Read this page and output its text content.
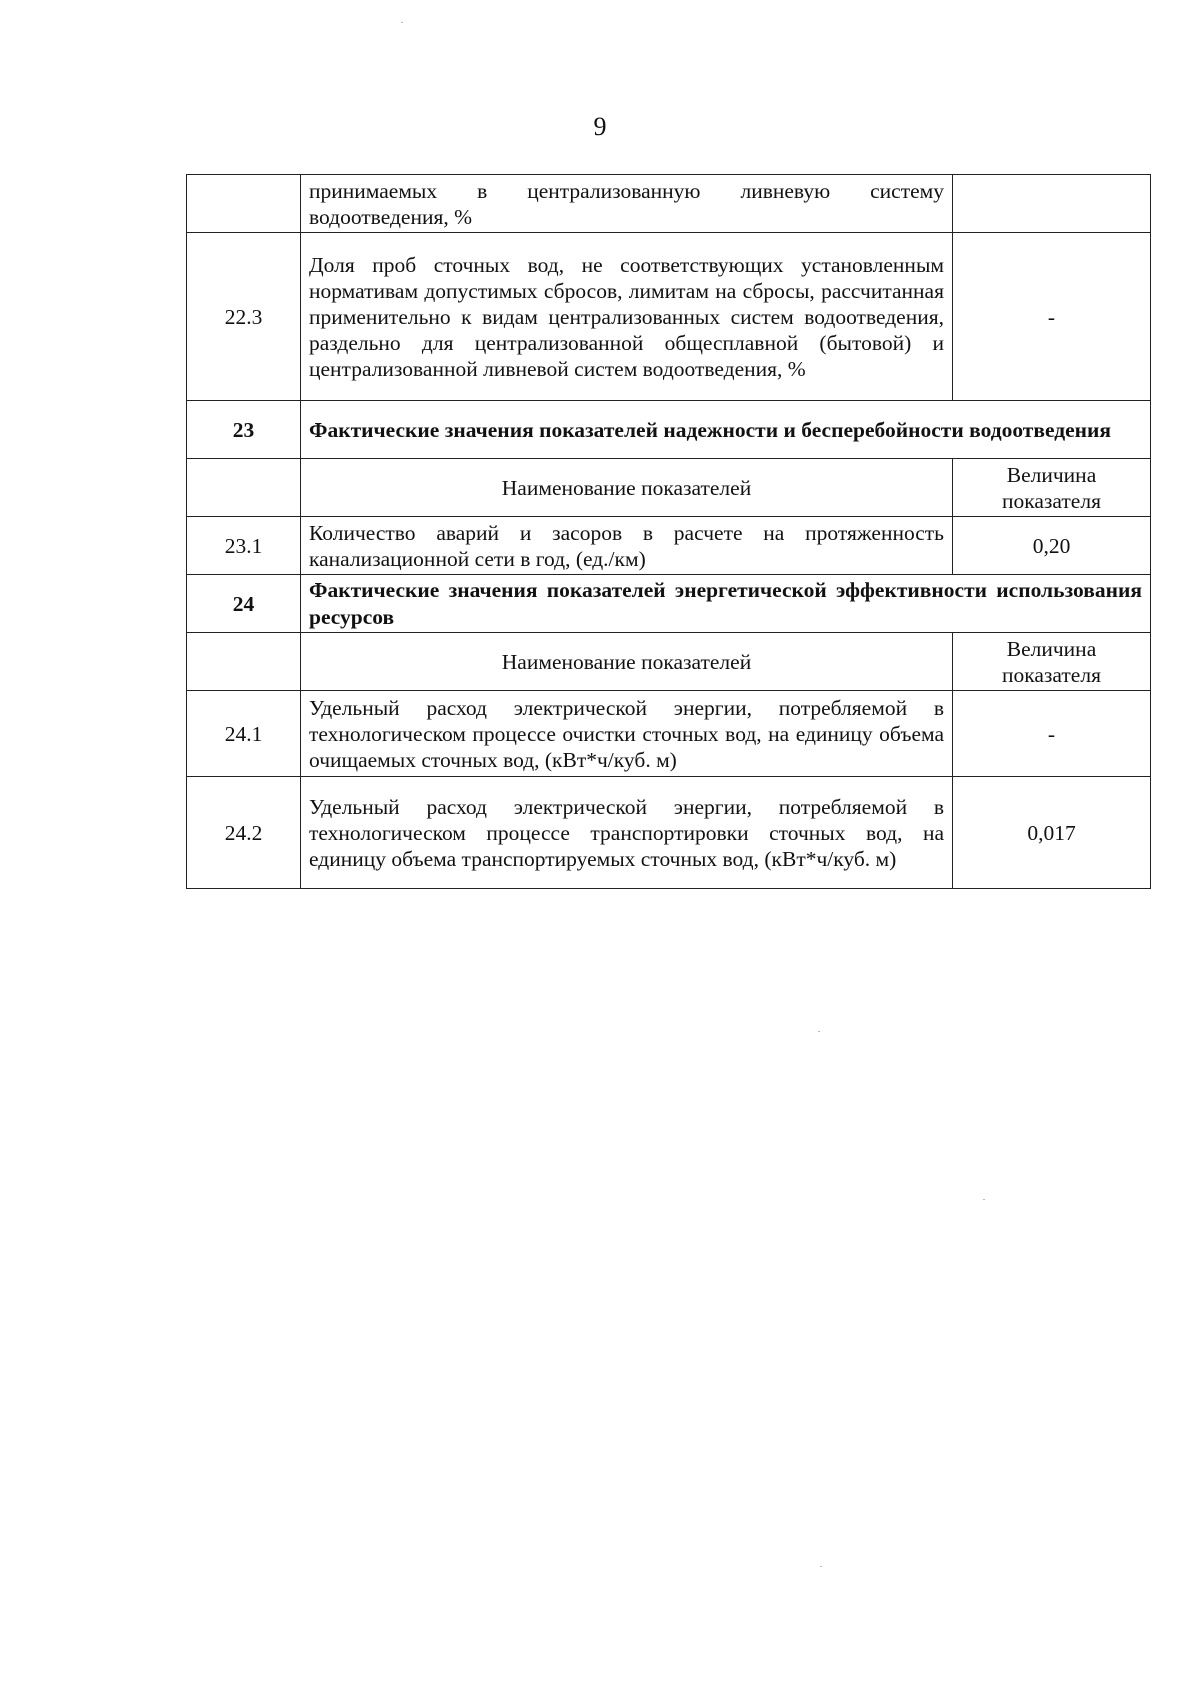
9
	принимаемых в централизованную ливневую систему водоотведения, %	
22.3	Доля проб сточных вод, не соответствующих установленным нормативам допустимых сбросов, лимитам на сбросы, рассчитанная применительно к видам централизованных систем водоотведения, раздельно для централизованной общесплавной (бытовой) и централизованной ливневой систем водоотведения, %	-
23	Фактические значения показателей надежности и бесперебойности водоотведения	
	Наименование показателей	Величина показателя
23.1	Количество аварий и засоров в расчете на протяженность канализационной сети в год, (ед./км)	0,20
24	Фактические значения показателей энергетической эффективности использования ресурсов	
	Наименование показателей	Величина показателя
24.1	Удельный расход электрической энергии, потребляемой в технологическом процессе очистки сточных вод, на единицу объема очищаемых сточных вод, (кВт*ч/куб. м)	-
24.2	Удельный расход электрической энергии, потребляемой в технологическом процессе транспортировки сточных вод, на единицу объема транспортируемых сточных вод, (кВт*ч/куб. м)	0,017
